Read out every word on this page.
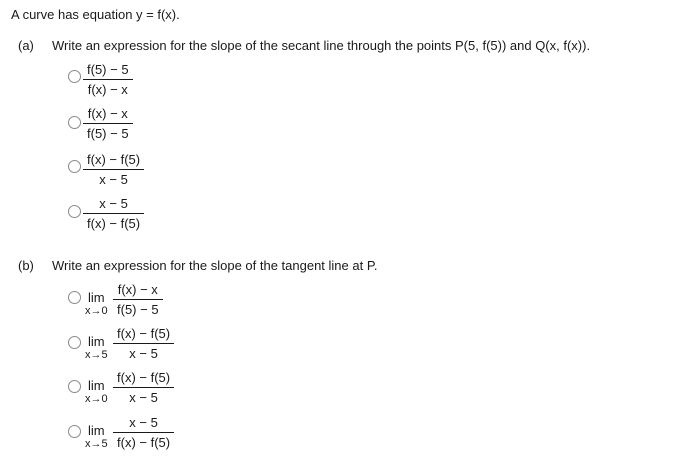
A curve has equation y = f(x).
(a) Write an expression for the slope of the secant line through the points P(5, f(5)) and Q(x, f(x)).
f(5) − 5
f(x) − x
f(x) − x
f(5) − 5
f(x) − f(5)
x − 5
x − 5
f(x) − f(5)
(b) Write an expression for the slope of the tangent line at P.
lim
x→0
f(x) − x
f(5) − 5
lim
x→5
f(x) − f(5)
x − 5
lim
x→0
f(x) − f(5)
x − 5
lim
x→5
x − 5
f(x) − f(5)
